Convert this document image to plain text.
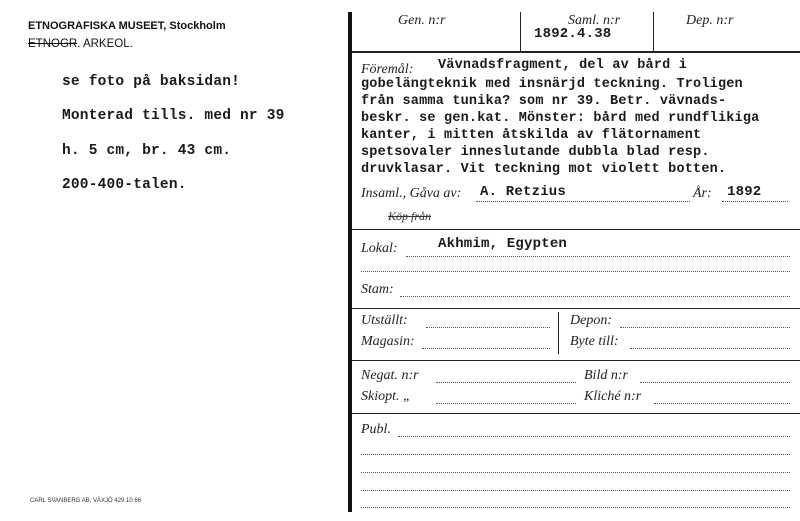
ETNOGRAFISKA MUSEET, Stockholm
ETNOGR. ARKEOL.
se foto på baksidan!
Monterad tills. med nr 39
h. 5 cm, br. 43 cm.
200-400-talen.
CARL SVANBERG AB, VÄXJÖ 429 10 66
Gen. n:r	Saml. n:r
1892.4.38
Dep. n:r
Föremål: Vävnadsfragment, del av bård i
gobelängteknik med insnärjd teckning. Troligen
från samma tunika? som nr 39. Betr. vävnads-
beskr. se gen.kat. Mönster: bård med rundflikiga
kanter, i mitten åtskilda av flätornament
spetsovaler inneslutande dubbla blad resp.
druvklasar. Vit teckning mot violett botten.
Insaml., Gåva av: A. Retzius	År: 1892
Köp från
Lokal:	Akhmim, Egypten
Stam:
Utställt:
Magasin:
Depon:
Byte till:
Negat. n:r	Bild n:r
Skiopt. „	Kliché n:r
Publ.
